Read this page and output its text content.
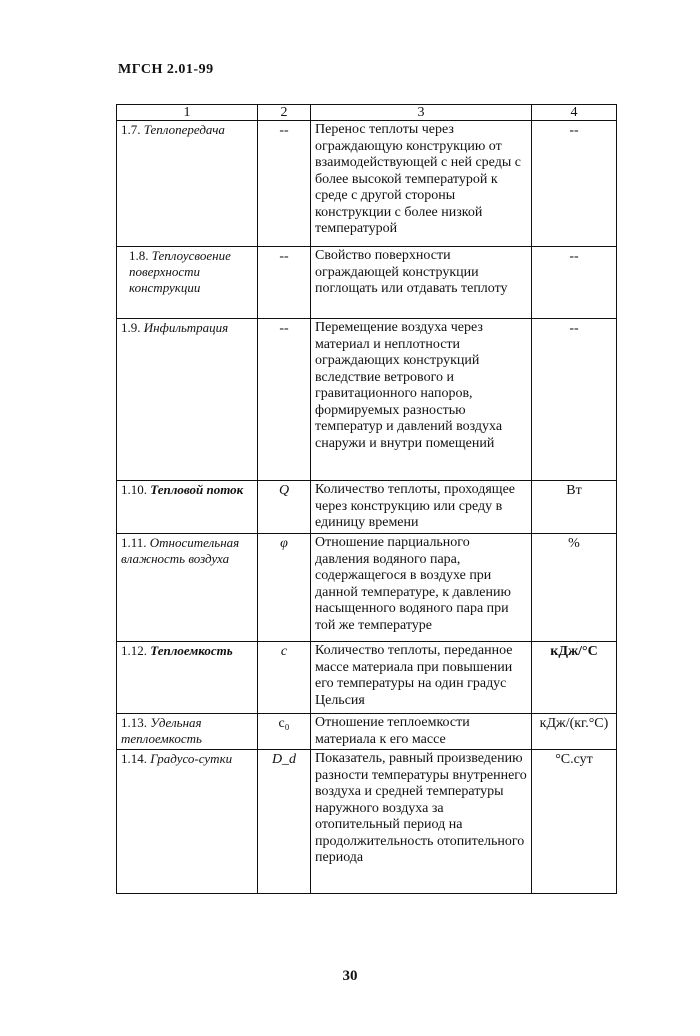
МГСН 2.01-99
1	2	3	4
1.7. Теплопередача	--	Перенос теплоты через ограждающую конструкцию от взаимодействующей с ней среды с более высокой температурой к среде с другой стороны конструкции с более низкой температурой	--
1.8. Теплоусвоение поверхности конструкции	--	Свойство поверхности ограждающей конструкции поглощать или отдавать теплоту	--
1.9. Инфильтрация	--	Перемещение воздуха через материал и неплотности ограждающих конструкций вследствие ветрового и гравитационного напоров, формируемых разностью температур и давлений воздуха снаружи и внутри помещений	--
1.10. Тепловой поток	Q	Количество теплоты, проходящее через конструкцию или среду в единицу времени	Вт
1.11. Относительная влажность воздуха	φ	Отношение парциального давления водяного пара, содержащегося в воздухе при данной температуре, к давлению насыщенного водяного пара при той же температуре	%
1.12. Теплоемкость	c	Количество теплоты, переданное массе материала при повышении его температуры на один градус Цельсия	кДж/°С
1.13. Удельная теплоемкость	c₀	Отношение теплоемкости материала к его массе	кДж/(кг.°С)
1.14. Градусо-сутки	D_d	Показатель, равный произведению разности температуры внутреннего воздуха и средней температуры наружного воздуха за отопительный период на продолжительность отопительного периода	°С.сут
30
